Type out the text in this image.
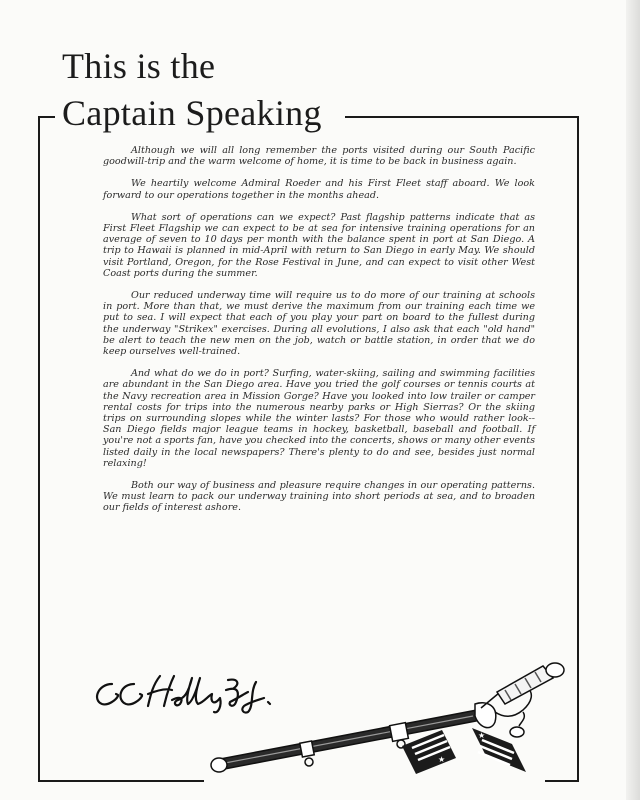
This is the
Captain Speaking

Although we will all long remember the ports visited during our South Pacific goodwill-trip and the warm welcome of home, it is time to be back in business again.

We heartily welcome Admiral Roeder and his First Fleet staff aboard. We look forward to our operations together in the months ahead.

What sort of operations can we expect? Past flagship patterns indicate that as First Fleet Flagship we can expect to be at sea for intensive training operations for an average of seven to 10 days per month with the balance spent in port at San Diego. A trip to Hawaii is planned in mid-April with return to San Diego in early May. We should visit Portland, Oregon, for the Rose Festival in June, and can expect to visit other West Coast ports during the summer.

Our reduced underway time will require us to do more of our training at schools in port. More than that, we must derive the maximum from our training each time we put to sea. I will expect that each of you play your part on board to the fullest during the underway "Strikex" exercises. During all evolutions, I also ask that each "old hand" be alert to teach the new men on the job, watch or battle station, in order that we do keep ourselves well-trained.

And what do we do in port? Surfing, water-skiing, sailing and swimming facilities are abundant in the San Diego area. Have you tried the golf courses or tennis courts at the Navy recreation area in Mission Gorge? Have you looked into low trailer or camper rental costs for trips into the numerous nearby parks or High Sierras? Or the skiing trips on surrounding slopes while the winter lasts? For those who would rather look--San Diego fields major league teams in hockey, basketball, baseball and football. If you're not a sports fan, have you checked into the concerts, shows or many other events listed daily in the local newspapers? There's plenty to do and see, besides just normal relaxing!

Both our way of business and pleasure require changes in our operating patterns. We must learn to pack our underway training into short periods at sea, and to broaden our fields of interest ashore.

★
★
